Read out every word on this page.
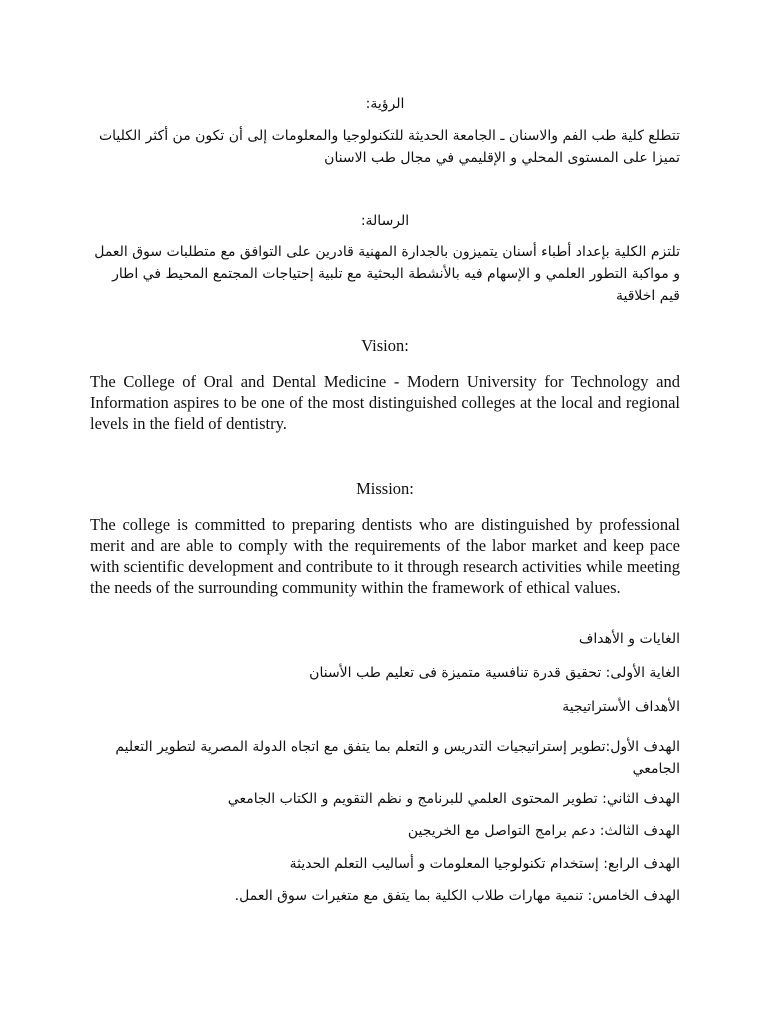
الرؤية:

تتطلع كلية طب الفم والاسنان ـ الجامعة الحديثة للتكنولوجيا والمعلومات إلى أن تكون من أكثر الكليات تميزا على المستوى المحلي و الإقليمي في مجال طب الاسنان

الرسالة:

تلتزم الكلية بإعداد أطباء أسنان يتميزون بالجدارة المهنية قادرين على التوافق مع متطلبات سوق العمل و مواكبة التطور العلمي و الإسهام فيه بالأنشطة البحثية مع تلبية إحتياجات المجتمع المحيط في اطار قيم اخلاقية

Vision:

The College of Oral and Dental Medicine - Modern University for Technology and Information aspires to be one of the most distinguished colleges at the local and regional levels in the field of dentistry.

Mission:

The college is committed to preparing dentists who are distinguished by professional merit and are able to comply with the requirements of the labor market and keep pace with scientific development and contribute to it through research activities while meeting the needs of the surrounding community within the framework of ethical values.

الغايات و الأهداف

الغاية الأولى: تحقيق قدرة تنافسية متميزة فى تعليم طب الأسنان

الأهداف الأستراتيجية

الهدف الأول:تطوير إستراتيجيات التدريس و التعلم بما يتفق مع اتجاه الدولة المصرية لتطوير التعليم الجامعي

الهدف الثاني: تطوير المحتوى العلمي للبرنامج و نظم التقويم و الكتاب الجامعي

الهدف الثالث: دعم برامج التواصل مع الخريجين

الهدف الرابع: إستخدام تكنولوجيا المعلومات و أساليب التعلم الحديثة

الهدف الخامس: تنمية مهارات طلاب الكلية بما يتفق مع متغيرات سوق العمل.
